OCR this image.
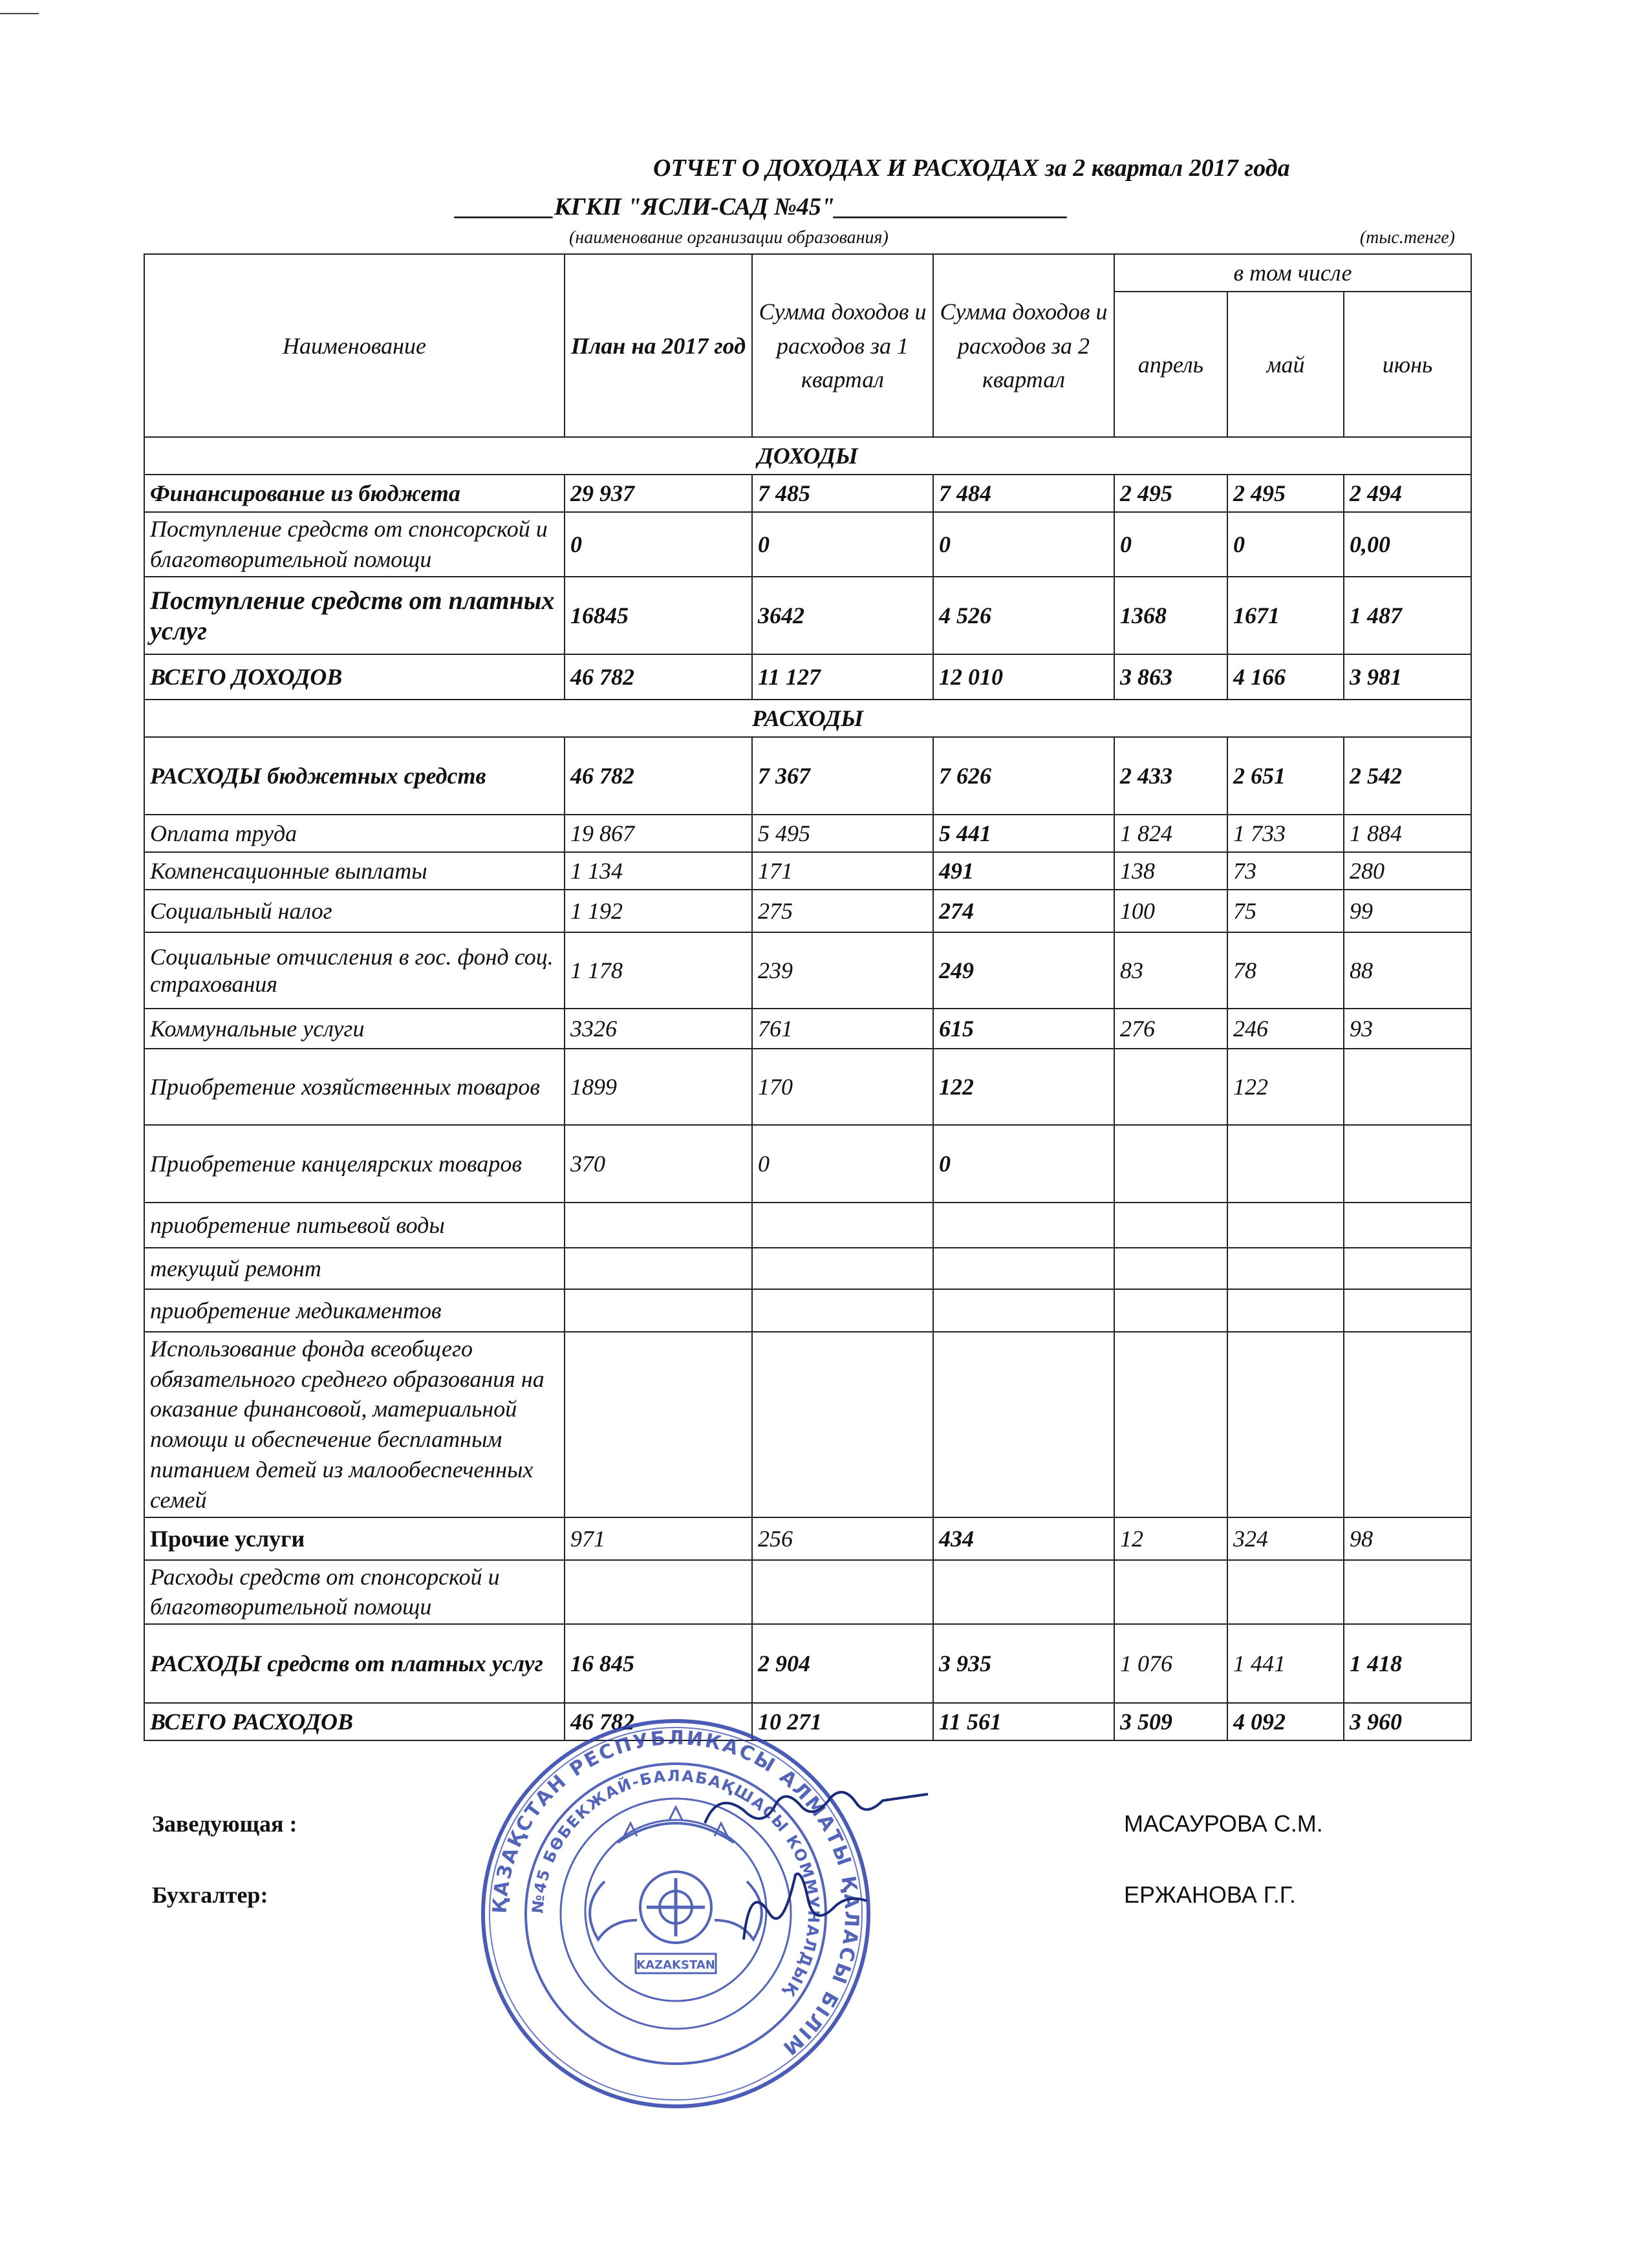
ОТЧЕТ О ДОХОДАХ И РАСХОДАХ за 2 квартал 2017 года
________КГКП "ЯСЛИ-САД №45"___________________
(наименование организации образования)	(тыс.тенге)
Наименование	План на 2017 год	Сумма доходов и расходов за 1 квартал	Сумма доходов и расходов за 2 квартал	в том числе		
				апрель	май	июнь
ДОХОДЫ						
Финансирование из бюджета	29 937	7 485	7 484	2 495	2 495	2 494
Поступление средств от спонсорской и благотворительной помощи	0	0	0	0	0	0,00
Поступление средств от платных услуг	16845	3642	4 526	1368	1671	1 487
ВСЕГО ДОХОДОВ	46 782	11 127	12 010	3 863	4 166	3 981
РАСХОДЫ						
РАСХОДЫ бюджетных средств	46 782	7 367	7 626	2 433	2 651	2 542
Оплата труда	19 867	5 495	5 441	1 824	1 733	1 884
Компенсационные выплаты	1 134	171	491	138	73	280
Социальный налог	1 192	275	274	100	75	99
Социальные отчисления в гос. фонд соц. страхования	1 178	239	249	83	78	88
Коммунальные услуги	3326	761	615	276	246	93
Приобретение хозяйственных товаров	1899	170	122		122	
Приобретение канцелярских товаров	370	0	0			
приобретение питьевой воды						
текущий ремонт						
приобретение медикаментов						
Использование фонда всеобщего обязательного среднего образования на оказание финансовой, материальной помощи и обеспечение бесплатным питанием детей из малообеспеченных семей						
Прочие услуги	971	256	434	12	324	98
Расходы средств от спонсорской и благотворительной помощи						
РАСХОДЫ средств от платных услуг	16 845	2 904	3 935	1 076	1 441	1 418
ВСЕГО РАСХОДОВ	46 782	10 271	11 561	3 509	4 092	3 960
Заведующая :	МАСАУРОВА С.М.
Бухгалтер:	ЕРЖАНОВА Г.Г.
ҚАЗАҚСТАН РЕСПУБЛИКАСЫ АЛМАТЫ ҚАЛАСЫ БІЛІМ
№45 БӨБЕКЖАЙ-БАЛАБАҚШАСЫ КОММУНАЛДЫҚ
KAZAKSTAN
